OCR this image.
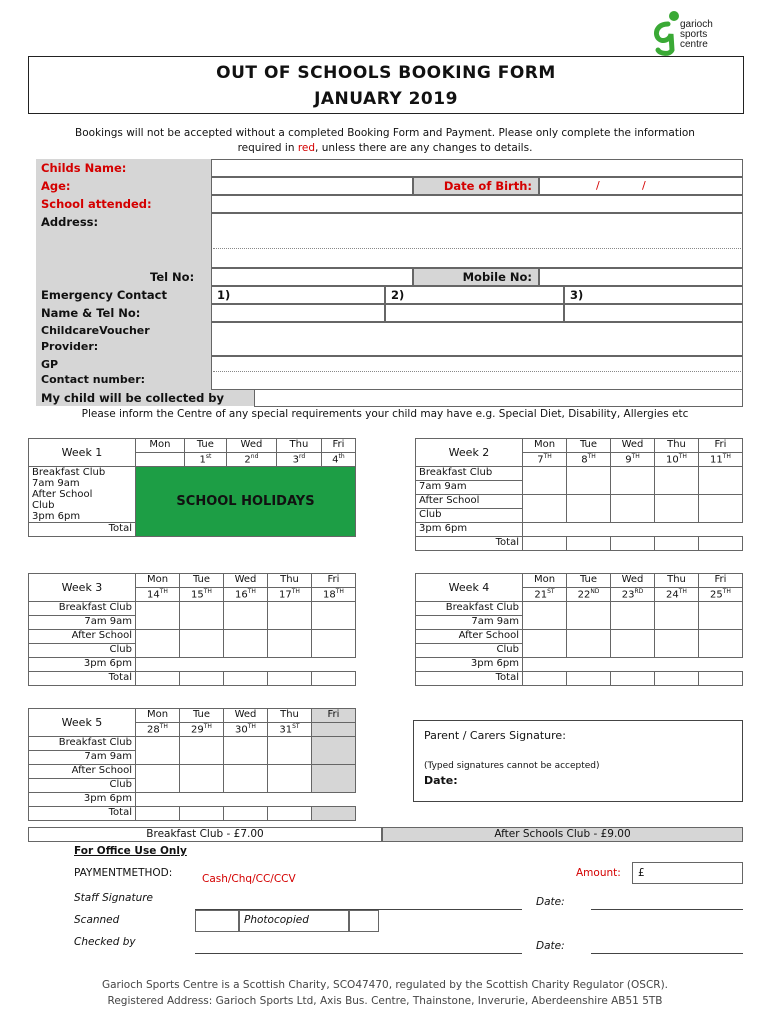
garioch
sports
centre
OUT OF SCHOOLS BOOKING FORM
JANUARY 2019
Bookings will not be accepted without a completed Booking Form and Payment. Please only complete the information
required in red, unless there are any changes to details.
Childs Name:
Age:	Date of Birth:	/	/
School attended:
Address:
Tel No:	Mobile No:
Emergency Contact
Name & Tel No:
1)	2)	3)
ChildcareVoucher
Provider:
GP
Contact number:
My child will be collected by
Please inform the Centre of any special requirements your child may have e.g. Special Diet, Disability, Allergies etc
Week 1	Mon	Tue	Wed	Thu	Fri
		1st	2nd	3rd	4th
Breakfast Club
7am 9am
After School
Club
3pm 6pm	SCHOOL HOLIDAYS				
Total					
Week 2	Mon	Tue	Wed	Thu	Fri
	7TH	8TH	9TH	10TH	11TH
Breakfast Club					
7am 9am					
After School					
Club					
3pm 6pm					
Total					
Week 3	Mon	Tue	Wed	Thu	Fri
	14TH	15TH	16TH	17TH	18TH
Breakfast Club					
7am 9am					
After School					
Club					
3pm 6pm					
Total					
Week 4	Mon	Tue	Wed	Thu	Fri
	21ST	22ND	23RD	24TH	25TH
Breakfast Club					
7am 9am					
After School					
Club					
3pm 6pm					
Total					
Week 5	Mon	Tue	Wed	Thu	Fri
	28TH	29TH	30TH	31ST	
Breakfast Club					
7am 9am					
After School					
Club					
3pm 6pm					
Total					
Parent / Carers Signature:
(Typed signatures cannot be accepted)
Date:
Breakfast Club - £7.00	After Schools Club - £9.00
For Office Use Only
PAYMENTMETHOD:	Cash/Chq/CC/CCV	Amount: £
Staff Signature	Date:
Scanned	Photocopied
Checked by	Date:
Garioch Sports Centre is a Scottish Charity, SCO47470, regulated by the Scottish Charity Regulator (OSCR).
Registered Address: Garioch Sports Ltd, Axis Bus. Centre, Thainstone, Inverurie, Aberdeenshire AB51 5TB
